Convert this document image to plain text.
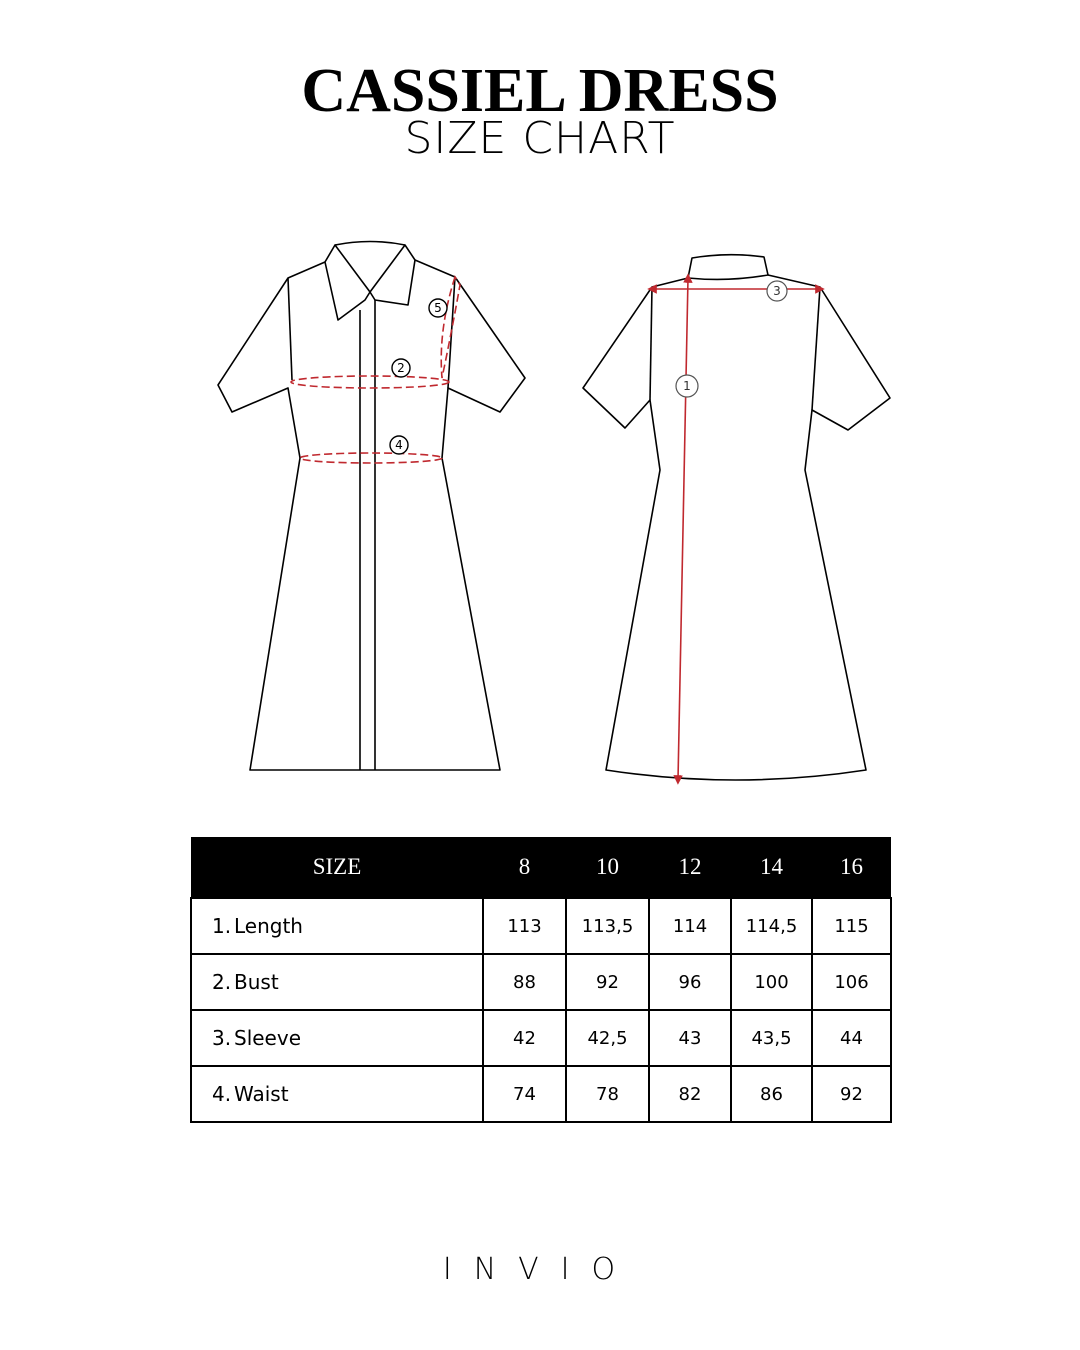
CASSIEL DRESS
SIZE CHART
2
4
5
1
3
SIZE	8	10	12	14	16
1. Length	113	113,5	114	114,5	115
2. Bust	88	92	96	100	106
3. Sleeve	42	42,5	43	43,5	44
4. Waist	74	78	82	86	92
INVIO
